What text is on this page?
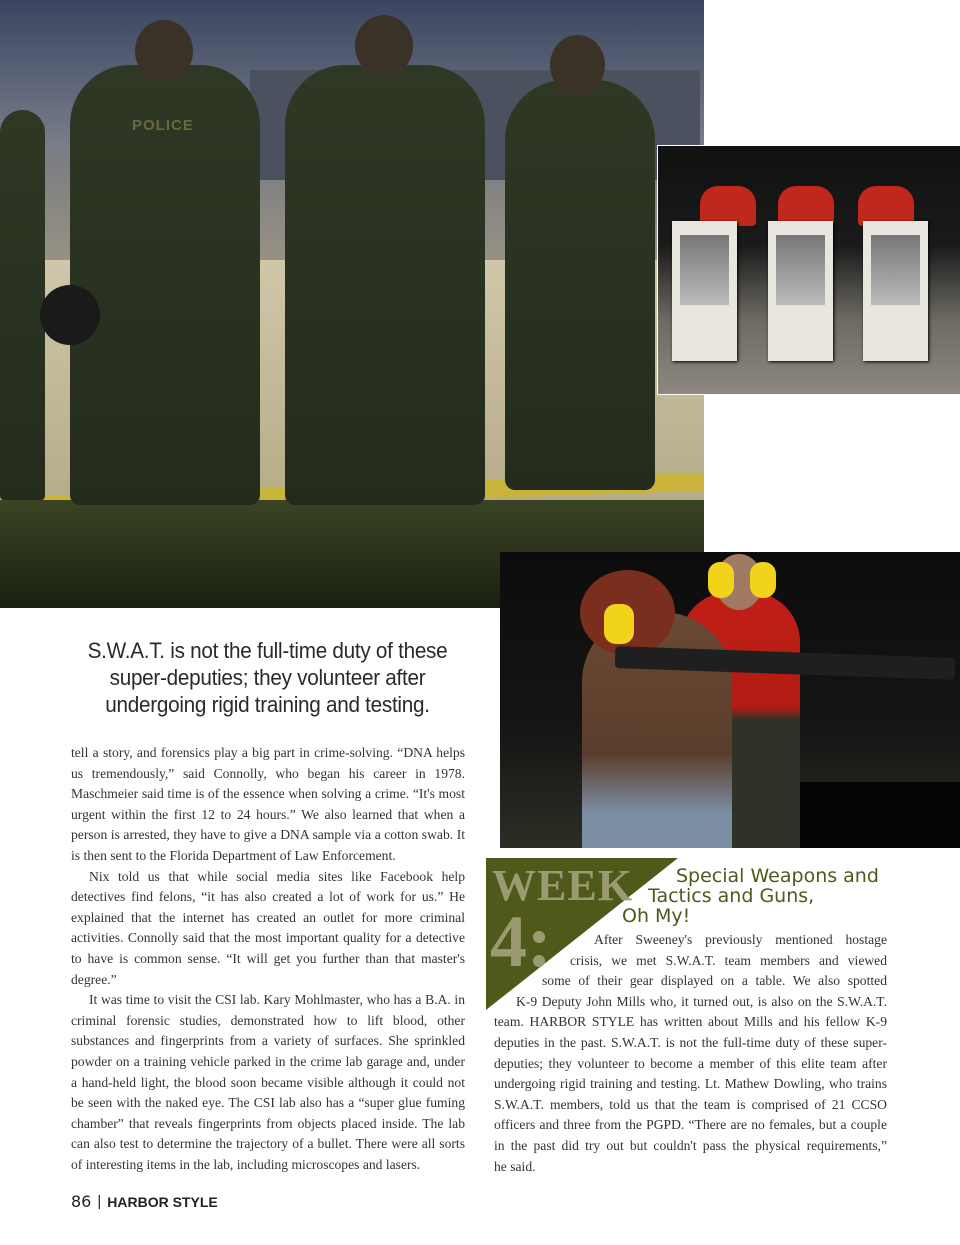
POLICE
S.W.A.T. is not the full-time duty of these super-deputies; they volunteer after undergoing rigid training and testing.

tell a story, and forensics play a big part in crime-solving. “DNA helps us tremendously,” said Connolly, who began his career in 1978. Maschmeier said time is of the essence when solving a crime. “It's most urgent within the first 12 to 24 hours.” We also learned that when a person is arrested, they have to give a DNA sample via a cotton swab. It is then sent to the Florida Department of Law Enforcement.

Nix told us that while social media sites like Facebook help detectives find felons, “it has also created a lot of work for us.” He explained that the internet has created an outlet for more criminal activities. Connolly said that the most important quality for a detective to have is common sense. “It will get you further than that master's degree.”

It was time to visit the CSI lab. Kary Mohlmaster, who has a B.A. in criminal forensic studies, demonstrated how to lift blood, other substances and fingerprints from a variety of surfaces. She sprinkled powder on a training vehicle parked in the crime lab garage and, under a hand-held light, the blood soon became visible although it could not be seen with the naked eye. The CSI lab also has a “super glue fuming chamber” that reveals fingerprints from objects placed inside. The lab can also test to determine the trajectory of a bullet. There were all sorts of interesting items in the lab, including microscopes and lasers.

WEEK
4:
Special Weapons and
Tactics and Guns,
Oh My!
After Sweeney's previously mentioned hostage
crisis, we met S.W.A.T. team members and viewed
some of their gear displayed on a table. We also spotted
K-9 Deputy John Mills who, it turned out, is also on the S.W.A.T.
team. HARBOR STYLE has written about Mills and his fellow K-9
deputies in the past. S.W.A.T. is not the full-time duty of these super-
deputies; they volunteer to become a member of this elite team after
undergoing rigid training and testing. Lt. Mathew Dowling, who trains
S.W.A.T. members, told us that the team is comprised of 21 CCSO
officers and three from the PGPD. “There are no females, but a couple
in the past did try out but couldn't pass the physical requirements,”
he said.
86 | HARBOR STYLE
